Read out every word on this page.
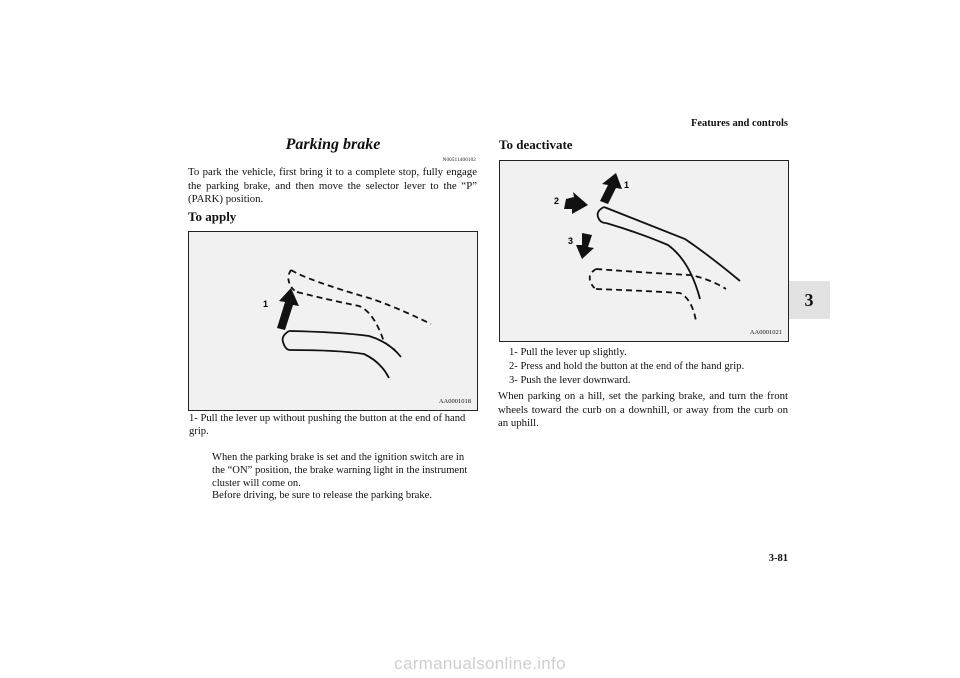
Features and controls
3
Parking brake
N00511400102
To park the vehicle, first bring it to a complete stop, fully engage the parking brake, and then move the selector lever to the “P” (PARK) position.
To apply
1
AA0001018
1- Pull the lever up without pushing the button at the end of hand grip.
When the parking brake is set and the ignition switch are in the “ON” position, the brake warning light in the instrument cluster will come on.
Before driving, be sure to release the parking brake.
To deactivate
1
2
3
AA0001021
1- Pull the lever up slightly.
2- Press and hold the button at the end of the hand grip.
3- Push the lever downward.
When parking on a hill, set the parking brake, and turn the front wheels toward the curb on a downhill, or away from the curb on an uphill.
3-81
carmanualsonline.info
